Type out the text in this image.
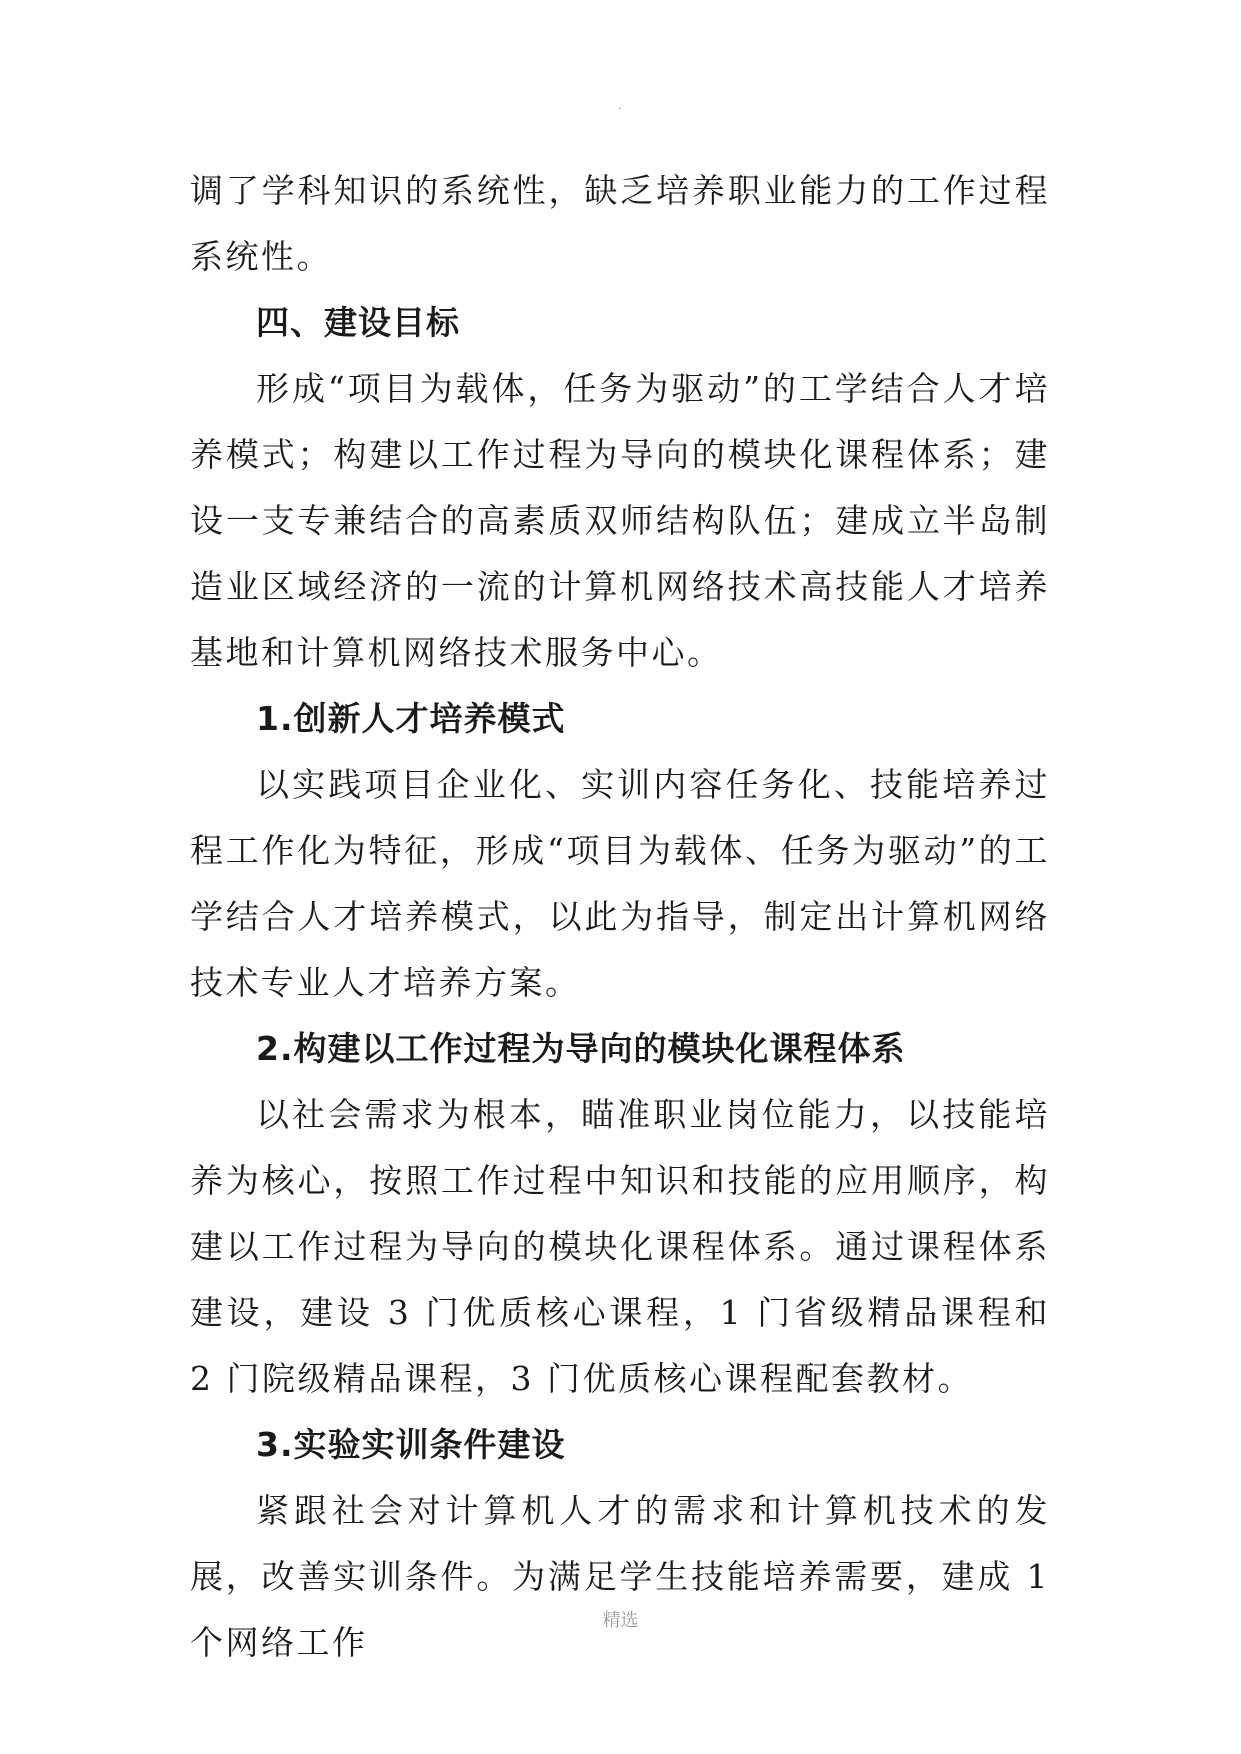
·

调了学科知识的系统性，缺乏培养职业能力的工作过程系统性。

四、建设目标

形成“项目为载体，任务为驱动”的工学结合人才培养模式；构建以工作过程为导向的模块化课程体系；建设一支专兼结合的高素质双师结构队伍；建成立半岛制造业区域经济的一流的计算机网络技术高技能人才培养基地和计算机网络技术服务中心。

1.创新人才培养模式

以实践项目企业化、实训内容任务化、技能培养过程工作化为特征，形成“项目为载体、任务为驱动”的工学结合人才培养模式，以此为指导，制定出计算机网络技术专业人才培养方案。

2.构建以工作过程为导向的模块化课程体系

以社会需求为根本，瞄准职业岗位能力，以技能培养为核心，按照工作过程中知识和技能的应用顺序，构建以工作过程为导向的模块化课程体系。通过课程体系建设，建设 3 门优质核心课程，1 门省级精品课程和 2 门院级精品课程，3 门优质核心课程配套教材。

3.实验实训条件建设

紧跟社会对计算机人才的需求和计算机技术的发展，改善实训条件。为满足学生技能培养需要，建成 1 个网络工作

精选
